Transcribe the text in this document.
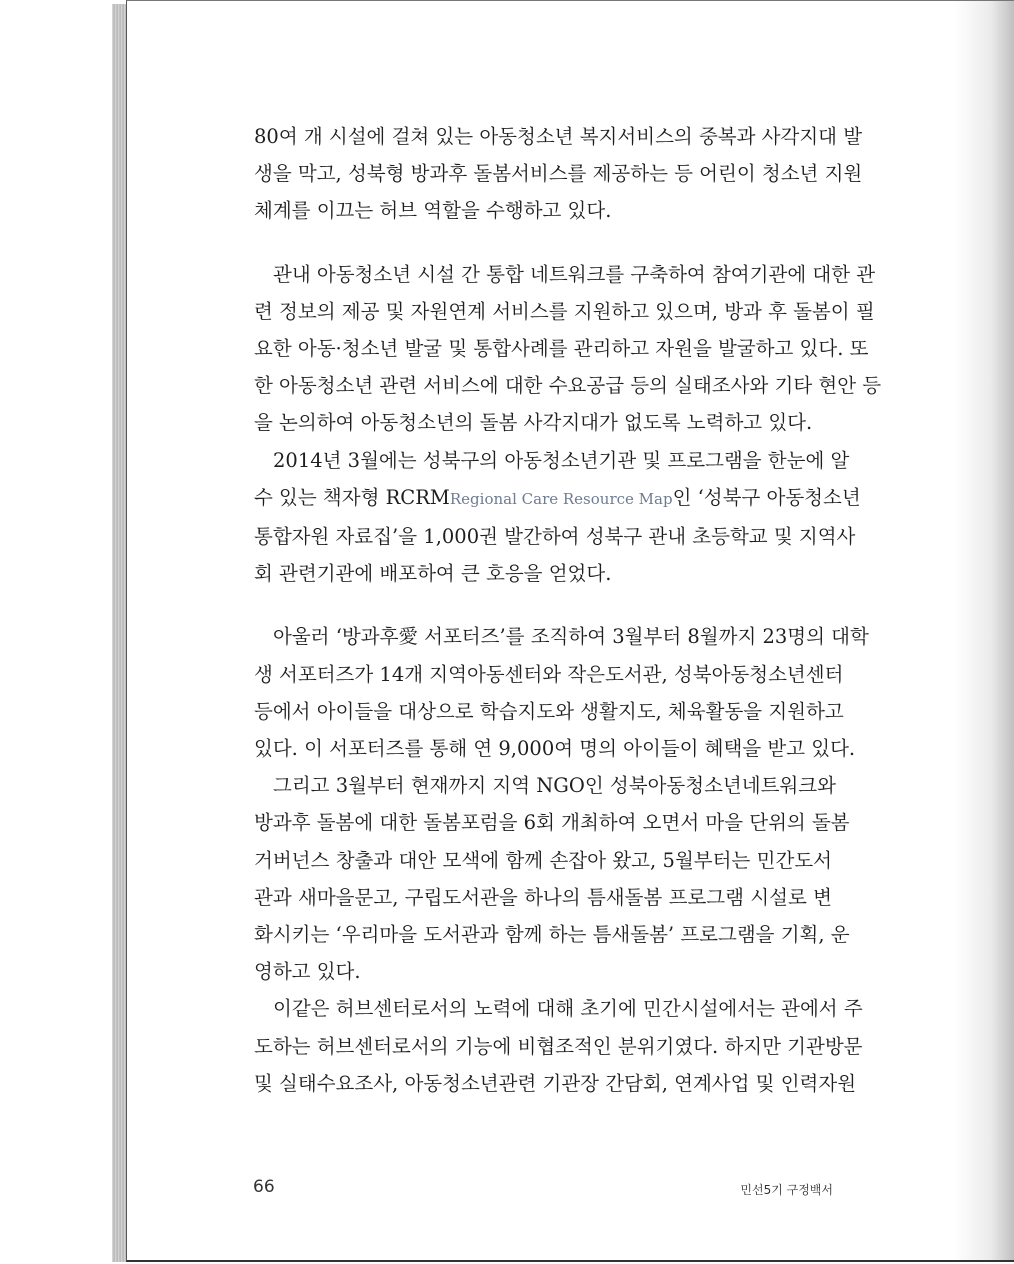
80여 개 시설에 걸쳐 있는 아동청소년 복지서비스의 중복과 사각지대 발
생을 막고, 성북형 방과후 돌봄서비스를 제공하는 등 어린이 청소년 지원
체계를 이끄는 허브 역할을 수행하고 있다.
관내 아동청소년 시설 간 통합 네트워크를 구축하여 참여기관에 대한 관
련 정보의 제공 및 자원연계 서비스를 지원하고 있으며, 방과 후 돌봄이 필
요한 아동·청소년 발굴 및 통합사례를 관리하고 자원을 발굴하고 있다. 또
한 아동청소년 관련 서비스에 대한 수요공급 등의 실태조사와 기타 현안 등
을 논의하여 아동청소년의 돌봄 사각지대가 없도록 노력하고 있다.
2014년 3월에는 성북구의 아동청소년기관 및 프로그램을 한눈에 알
수 있는 책자형 RCRMRegional Care Resource Map인 ‘성북구 아동청소년
통합자원 자료집’을 1,000권 발간하여 성북구 관내 초등학교 및 지역사
회 관련기관에 배포하여 큰 호응을 얻었다.
아울러 ‘방과후愛 서포터즈’를 조직하여 3월부터 8월까지 23명의 대학
생 서포터즈가 14개 지역아동센터와 작은도서관, 성북아동청소년센터
등에서 아이들을 대상으로 학습지도와 생활지도, 체육활동을 지원하고
있다. 이 서포터즈를 통해 연 9,000여 명의 아이들이 혜택을 받고 있다.
그리고 3월부터 현재까지 지역 NGO인 성북아동청소년네트워크와
방과후 돌봄에 대한 돌봄포럼을 6회 개최하여 오면서 마을 단위의 돌봄
거버넌스 창출과 대안 모색에 함께 손잡아 왔고, 5월부터는 민간도서
관과 새마을문고, 구립도서관을 하나의 틈새돌봄 프로그램 시설로 변
화시키는 ‘우리마을 도서관과 함께 하는 틈새돌봄’ 프로그램을 기획, 운
영하고 있다.
이같은 허브센터로서의 노력에 대해 초기에 민간시설에서는 관에서 주
도하는 허브센터로서의 기능에 비협조적인 분위기였다. 하지만 기관방문
및 실태수요조사, 아동청소년관련 기관장 간담회, 연계사업 및 인력자원
66	민선5기 구정백서
